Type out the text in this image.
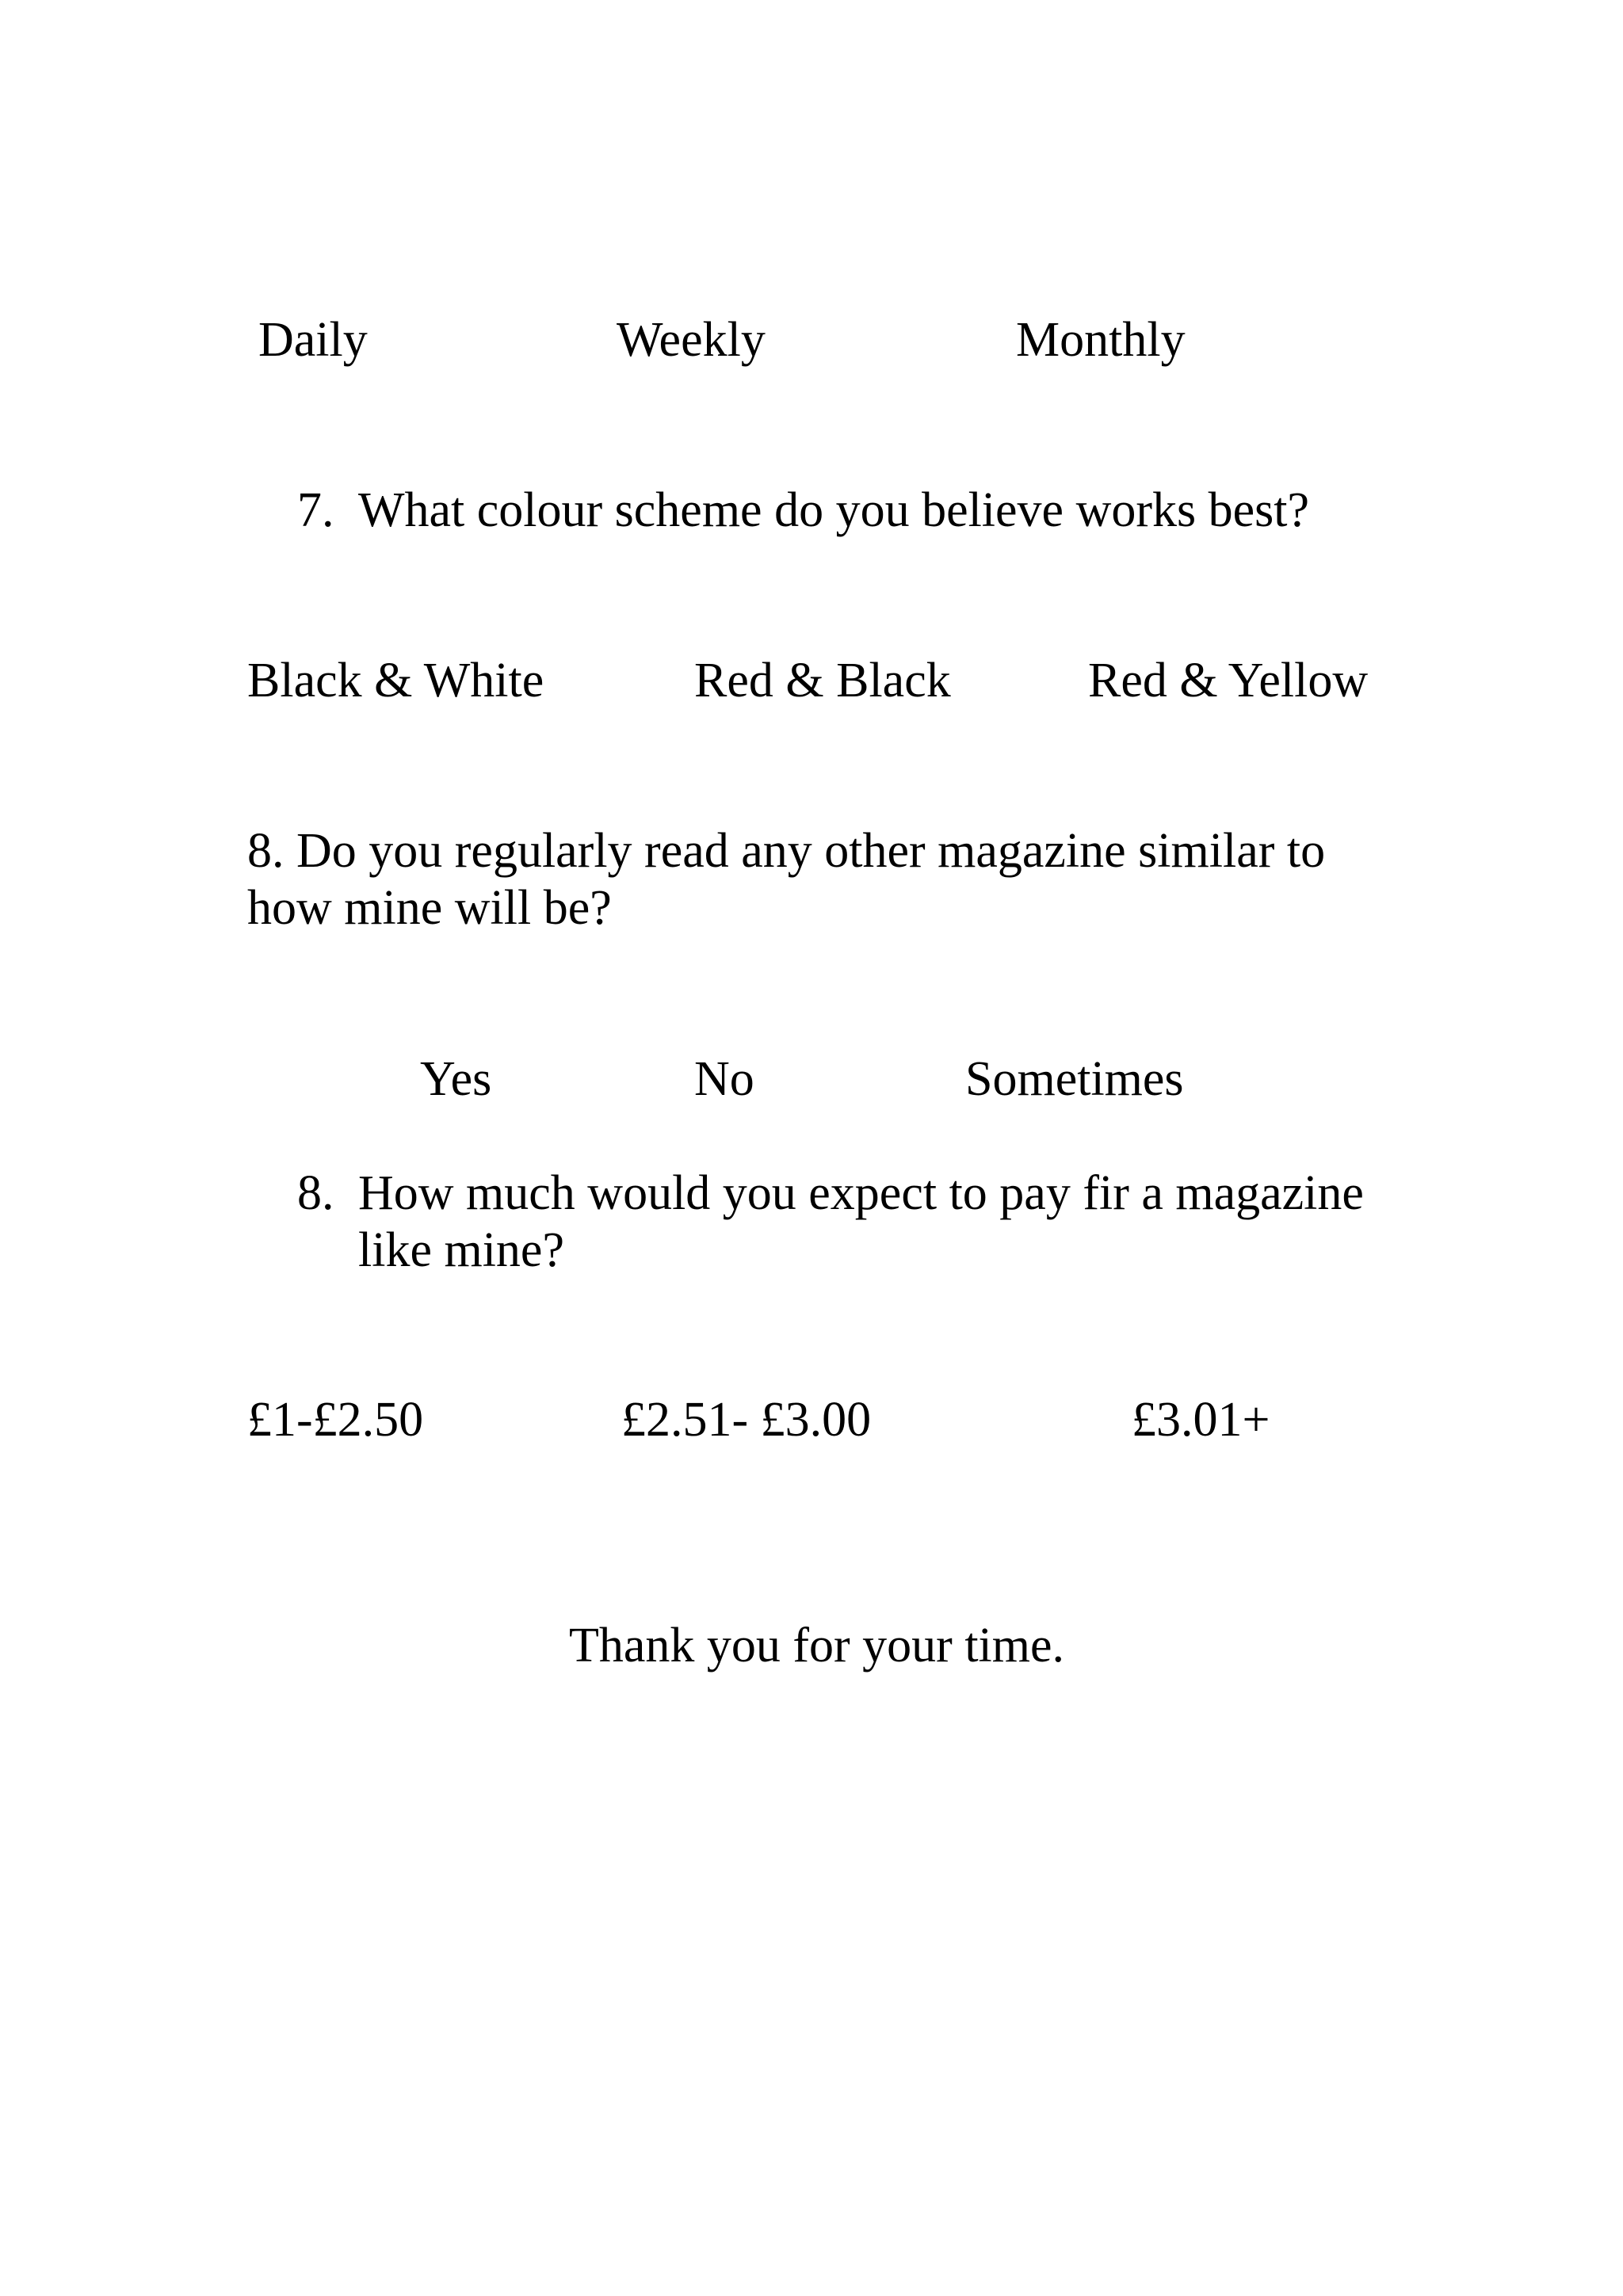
Daily	Weekly	Monthly
7. What colour scheme do you believe works best?
Black & White	Red & Black	Red & Yellow
8. Do you regularly read any other magazine similar to
how mine will be?
Yes	No	Sometimes
8. How much would you expect to pay fir a magazine
like mine?
£1-£2.50	£2.51- £3.00	£3.01+
Thank you for your time.
